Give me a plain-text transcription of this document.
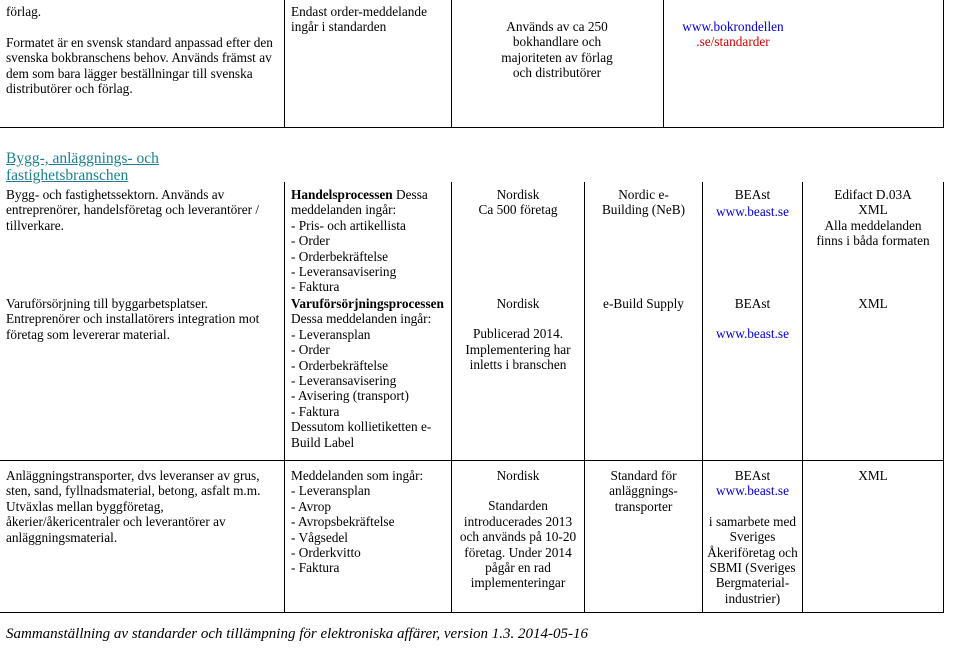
förlag.

Formatet är en svensk standard anpassad efter den
svenska bokbranschens behov. Används främst av
dem som bara lägger beställningar till svenska
distributörer och förlag.
Endast order-meddelande
ingår i standarden	Används av ca 250
bokhandlare och
majoriteten av förlag
och distributörer
www.bokrondellen
.se/standarder
Bygg-, anläggnings- och
fastighetsbranschen
Bygg- och fastighetssektorn. Används av
entreprenörer, handelsföretag och leverantörer /
tillverkare.
Handelsprocessen Dessa
meddelanden ingår:
- Pris- och artikellista
- Order
- Orderbekräftelse
- Leveransavisering
- Faktura
Nordisk
Ca 500 företag
Nordic e-
Building (NeB)
BEAst
www.beast.se
Edifact D.03A
XML
Alla meddelanden
finns i båda formaten
Varuförsörjning till byggarbetsplatser.
Entreprenörer och installatörers integration mot
företag som levererar material.
Varuförsörjningsprocessen
Dessa meddelanden ingår:
- Leveransplan
- Order
- Orderbekräftelse
- Leveransavisering
- Avisering (transport)
- Faktura
Dessutom kollietiketten e-
Build Label
Nordisk
Publicerad 2014.
Implementering har
inletts i branschen
e-Build Supply	BEAst
www.beast.se
XML
Anläggningstransporter, dvs leveranser av grus,
sten, sand, fyllnadsmaterial, betong, asfalt m.m.
Utväxlas mellan byggföretag,
åkerier/åkericentraler och leverantörer av
anläggningsmaterial.
Meddelanden som ingår:
- Leveransplan
- Avrop
- Avropsbekräftelse
- Vågsedel
- Orderkvitto
- Faktura
Nordisk
Standarden
introducerades 2013
och används på 10-20
företag. Under 2014
pågår en rad
implementeringar
Standard för
anläggnings-
transporter
BEAst
www.beast.se
i samarbete med
Sveriges
Åkeriföretag och
SBMI (Sveriges
Bergmaterial-
industrier)
XML
Sammanställning av standarder och tillämpning för elektroniska affärer, version 1.3. 2014-05-16
